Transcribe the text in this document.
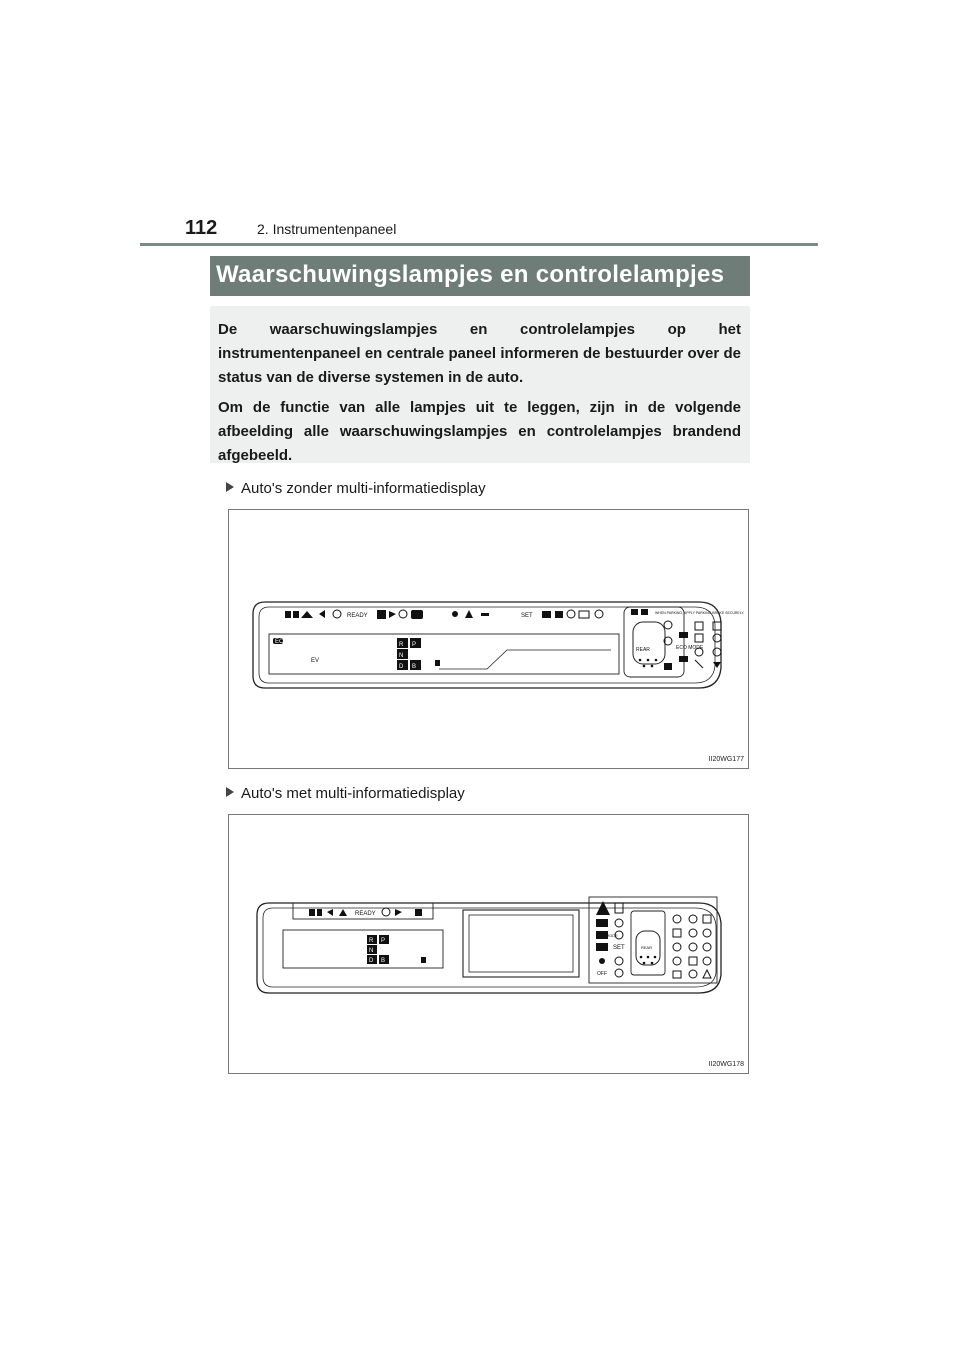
112	2. Instrumentenpaneel
Waarschuwingslampjes en controlelampjes

De waarschuwingslampjes en controlelampjes op het instrumentenpaneel en centrale paneel informeren de bestuurder over de status van de diverse systemen in de auto.

Om de functie van alle lampjes uit te leggen, zijn in de volgende afbeelding alle waarschuwingslampjes en controlelampjes brandend afgebeeld.

Auto's zonder multi-informatiedisplay
READY	SET
ECO
EV
REAR	ECO MODE
WHEN PARKING, APPLY PARKING BRAKE SECURELY.
R P
N
D B
II20WG177
Auto's met multi-informatiedisplay
READY
SET
ECO MODE
OFF
REAR
R P
N
D B
II20WG178
